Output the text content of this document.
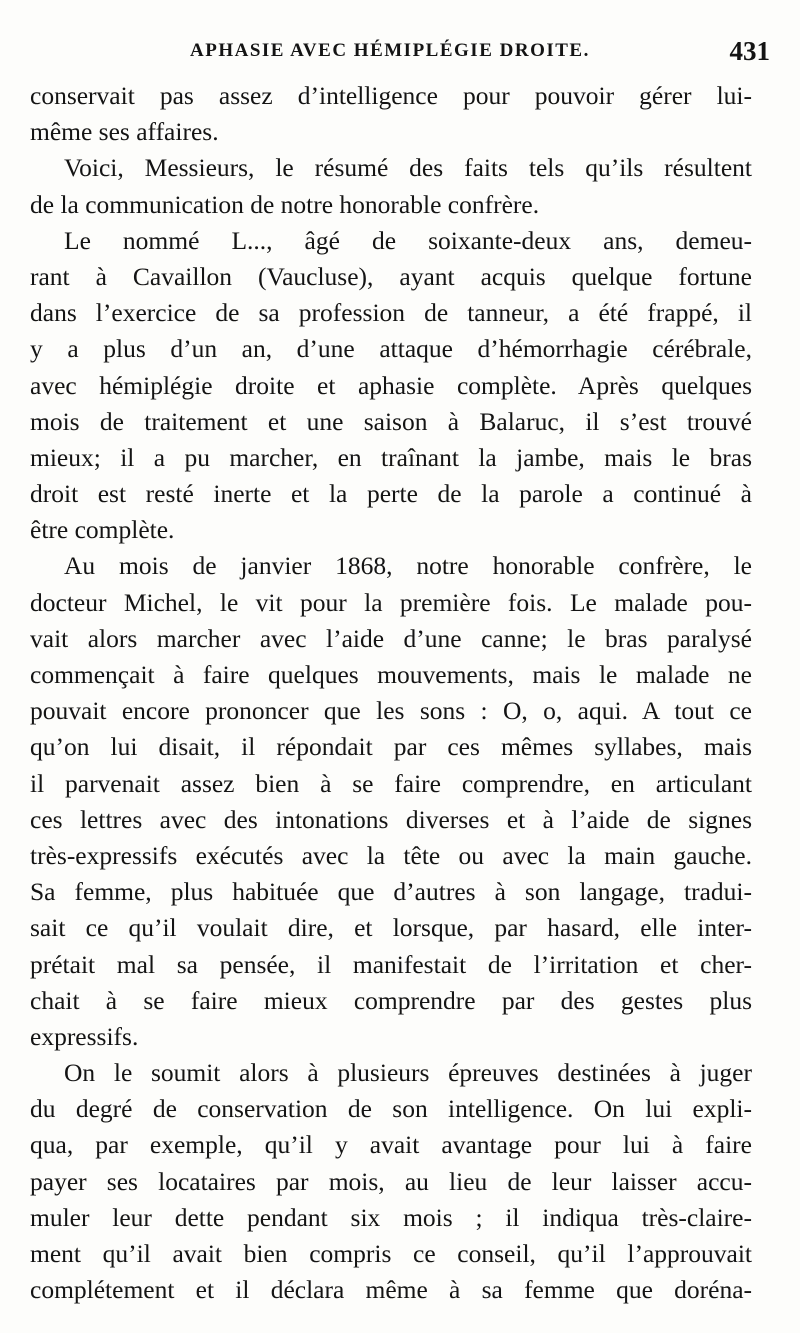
APHASIE AVEC HÉMIPLÉGIE DROITE.	431
conservait pas assez d’intelligence pour pouvoir gérer lui-
même ses affaires.
Voici, Messieurs, le résumé des faits tels qu’ils résultent
de la communication de notre honorable confrère.
Le nommé L..., âgé de soixante-deux ans, demeu-
rant à Cavaillon (Vaucluse), ayant acquis quelque fortune
dans l’exercice de sa profession de tanneur, a été frappé, il
y a plus d’un an, d’une attaque d’hémorrhagie cérébrale,
avec hémiplégie droite et aphasie complète. Après quelques
mois de traitement et une saison à Balaruc, il s’est trouvé
mieux; il a pu marcher, en traînant la jambe, mais le bras
droit est resté inerte et la perte de la parole a continué à
être complète.
Au mois de janvier 1868, notre honorable confrère, le
docteur Michel, le vit pour la première fois. Le malade pou-
vait alors marcher avec l’aide d’une canne; le bras paralysé
commençait à faire quelques mouvements, mais le malade ne
pouvait encore prononcer que les sons : O, o, aqui. A tout ce
qu’on lui disait, il répondait par ces mêmes syllabes, mais
il parvenait assez bien à se faire comprendre, en articulant
ces lettres avec des intonations diverses et à l’aide de signes
très-expressifs exécutés avec la tête ou avec la main gauche.
Sa femme, plus habituée que d’autres à son langage, tradui-
sait ce qu’il voulait dire, et lorsque, par hasard, elle inter-
prétait mal sa pensée, il manifestait de l’irritation et cher-
chait à se faire mieux comprendre par des gestes plus
expressifs.
On le soumit alors à plusieurs épreuves destinées à juger
du degré de conservation de son intelligence. On lui expli-
qua, par exemple, qu’il y avait avantage pour lui à faire
payer ses locataires par mois, au lieu de leur laisser accu-
muler leur dette pendant six mois ; il indiqua très-claire-
ment qu’il avait bien compris ce conseil, qu’il l’approuvait
complétement et il déclara même à sa femme que doréna-
